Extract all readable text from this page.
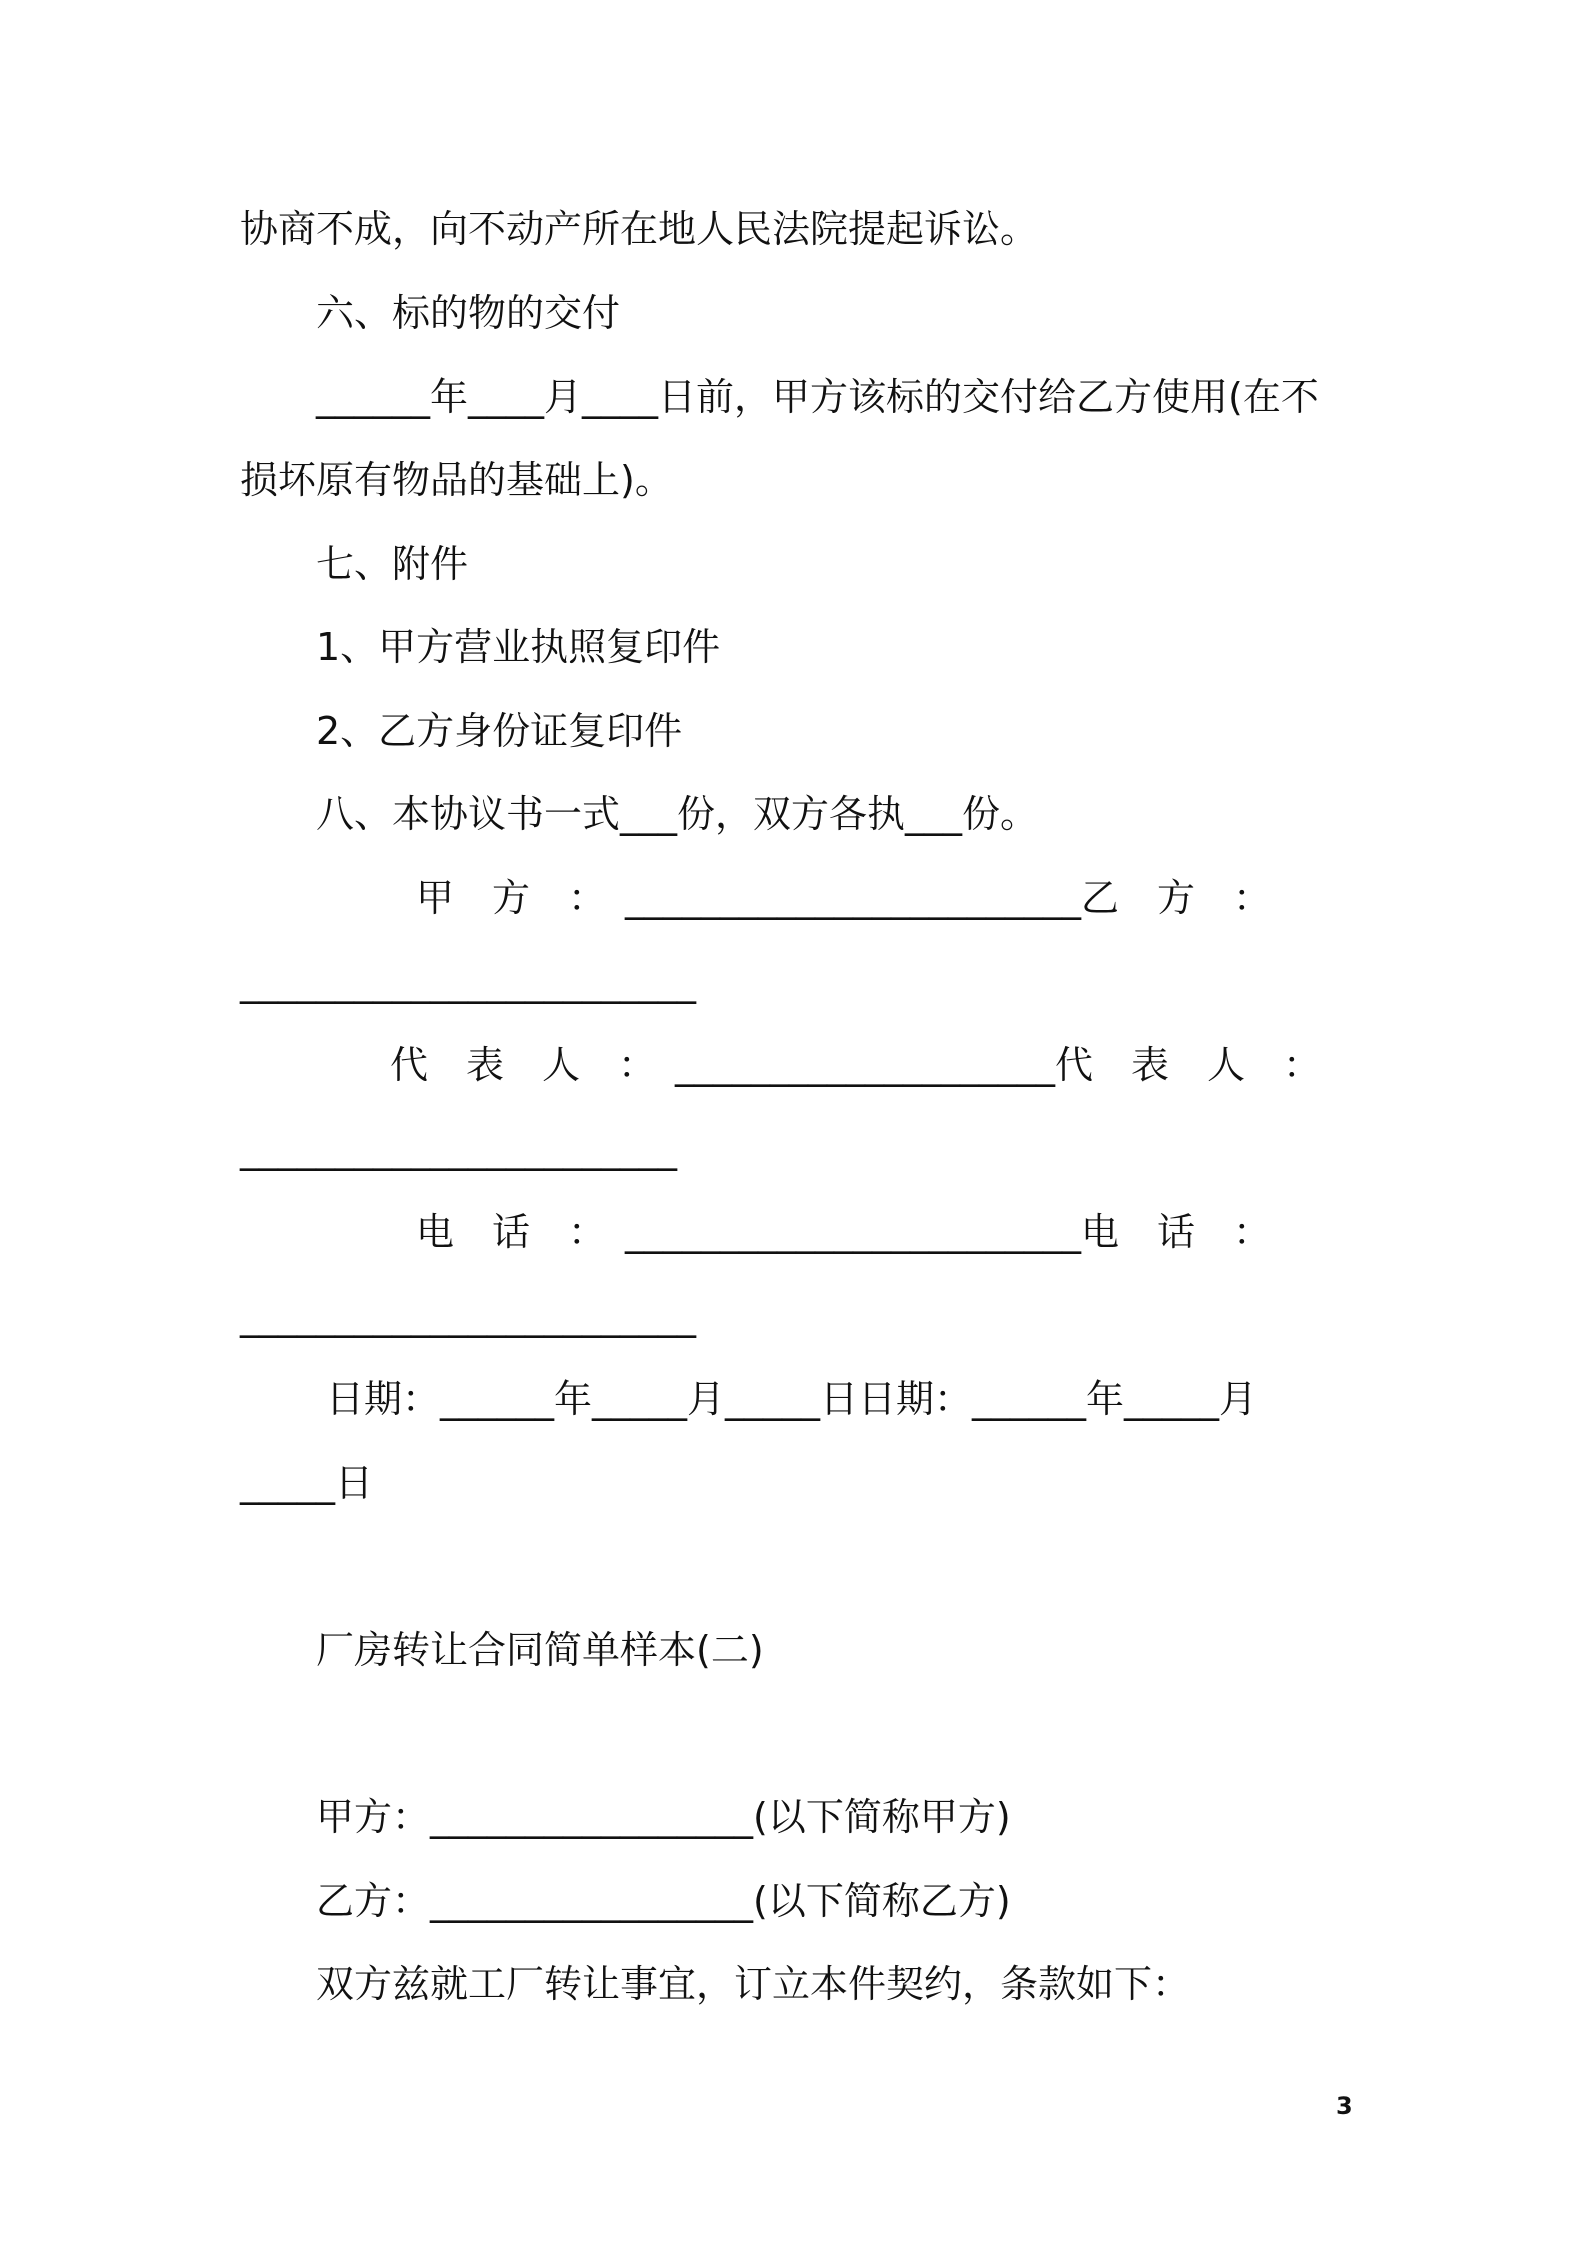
协商不成，向不动产所在地人民法院提起诉讼。

六、标的物的交付

______年____月____日前，甲方该标的交付给乙方使用(在不

损坏原有物品的基础上)。

七、附件

1、甲方营业执照复印件

2、乙方身份证复印件

八、本协议书一式___份，双方各执___份。

甲　方　：　________________________乙　方　：

________________________

代　表　人　：　____________________代　表　人　：

_______________________

电　话　：　________________________电　话　：

________________________

日期：______年_____月_____日日期：______年_____月

_____日

厂房转让合同简单样本(二)

甲方：_________________(以下简称甲方)

乙方：_________________(以下简称乙方)

双方兹就工厂转让事宜，订立本件契约，条款如下：

3
